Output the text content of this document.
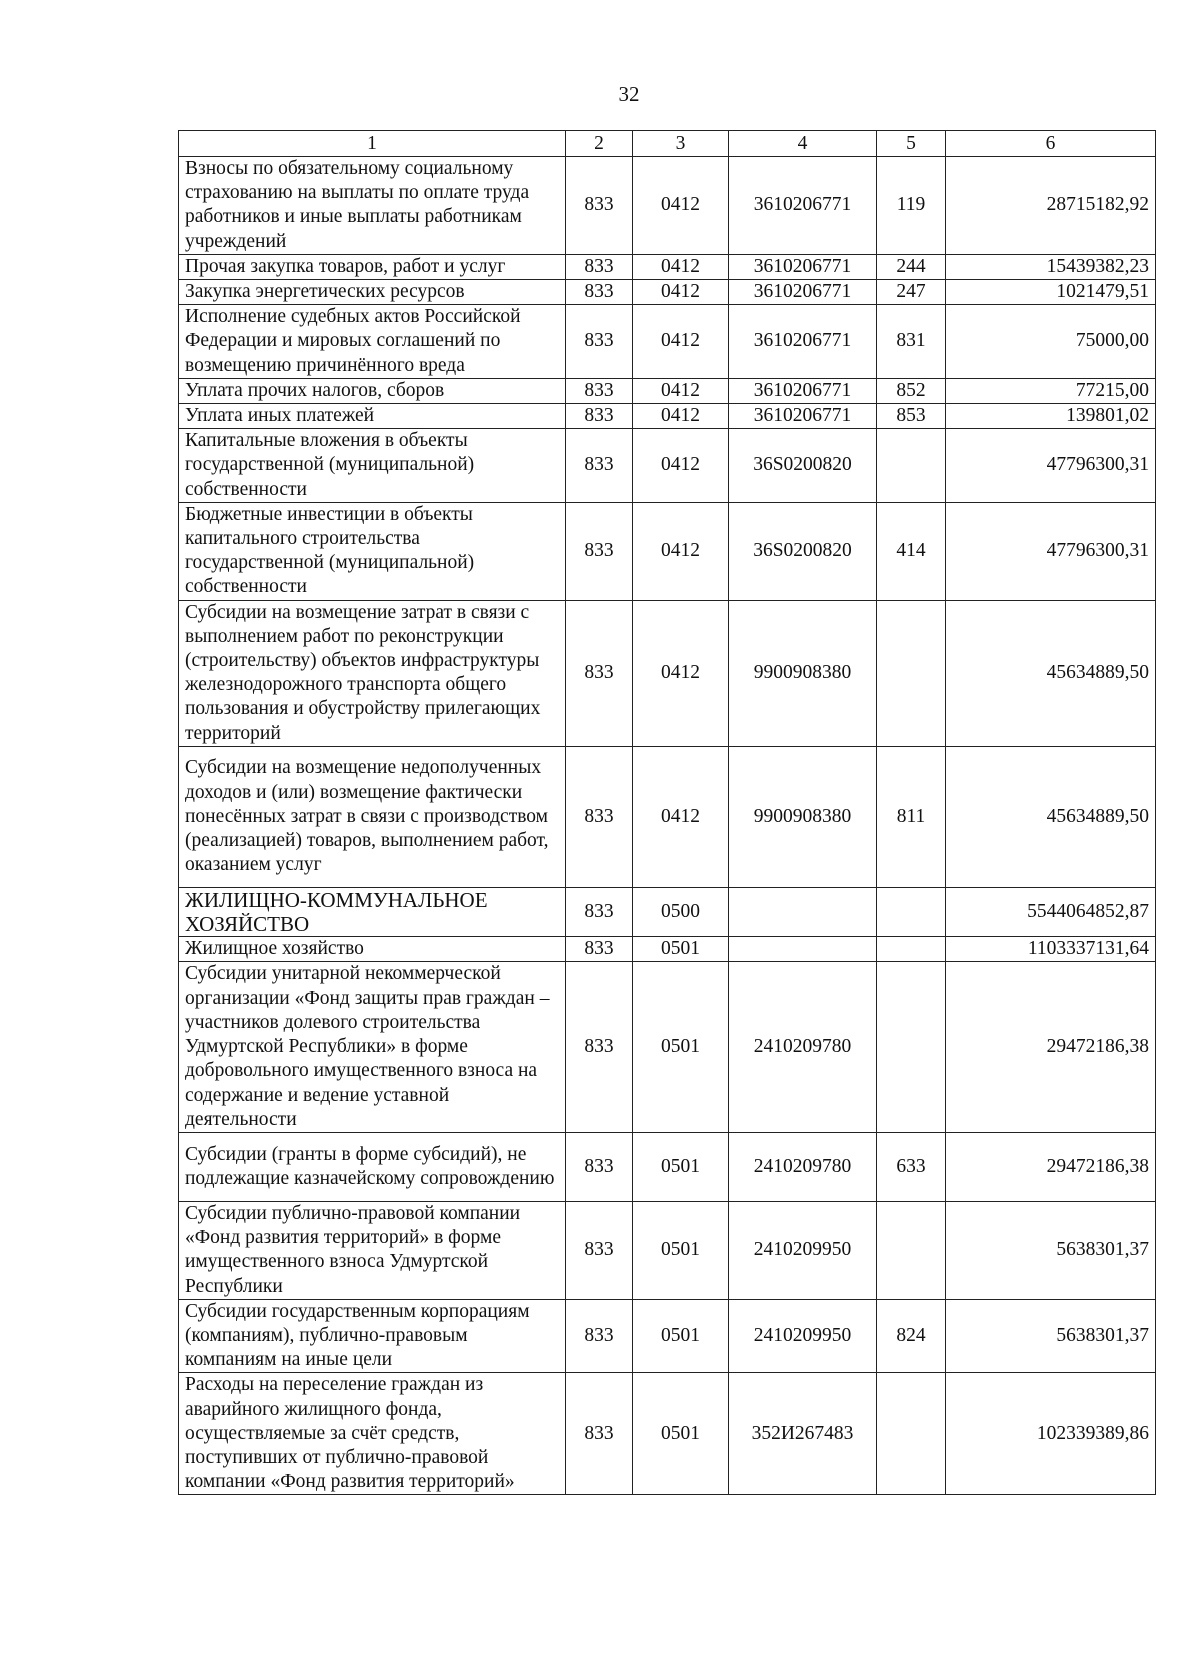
32
1	2	3	4	5	6
Взносы по обязательному социальному страхованию на выплаты по оплате труда работников и иные выплаты работникам учреждений	833	0412	3610206771	119	28715182,92
Прочая закупка товаров, работ и услуг	833	0412	3610206771	244	15439382,23
Закупка энергетических ресурсов	833	0412	3610206771	247	1021479,51
Исполнение судебных актов Российской Федерации и мировых соглашений по возмещению причинённого вреда	833	0412	3610206771	831	75000,00
Уплата прочих налогов, сборов	833	0412	3610206771	852	77215,00
Уплата иных платежей	833	0412	3610206771	853	139801,02
Капитальные вложения в объекты государственной (муниципальной) собственности	833	0412	36S0200820		47796300,31
Бюджетные инвестиции в объекты капитального строительства государственной (муниципальной) собственности	833	0412	36S0200820	414	47796300,31
Субсидии на возмещение затрат в связи с выполнением работ по реконструкции (строительству) объектов инфраструктуры железнодорожного транспорта общего пользования и обустройству прилегающих территорий	833	0412	9900908380		45634889,50
Субсидии на возмещение недополученных доходов и (или) возмещение фактически понесённых затрат в связи с производством (реализацией) товаров, выполнением работ, оказанием услуг	833	0412	9900908380	811	45634889,50
ЖИЛИЩНО-КОММУНАЛЬНОЕ ХОЗЯЙСТВО	833	0500			5544064852,87
Жилищное хозяйство	833	0501			1103337131,64
Субсидии унитарной некоммерческой организации «Фонд защиты прав граждан – участников долевого строительства Удмуртской Республики» в форме добровольного имущественного взноса на содержание и ведение уставной деятельности	833	0501	2410209780		29472186,38
Субсидии (гранты в форме субсидий), не подлежащие казначейскому сопровождению	833	0501	2410209780	633	29472186,38
Субсидии публично-правовой компании «Фонд развития территорий» в форме имущественного взноса Удмуртской Республики	833	0501	2410209950		5638301,37
Субсидии государственным корпорациям (компаниям), публично-правовым компаниям на иные цели	833	0501	2410209950	824	5638301,37
Расходы на переселение граждан из аварийного жилищного фонда, осуществляемые за счёт средств, поступивших от публично-правовой компании «Фонд развития территорий»	833	0501	352И267483		102339389,86
